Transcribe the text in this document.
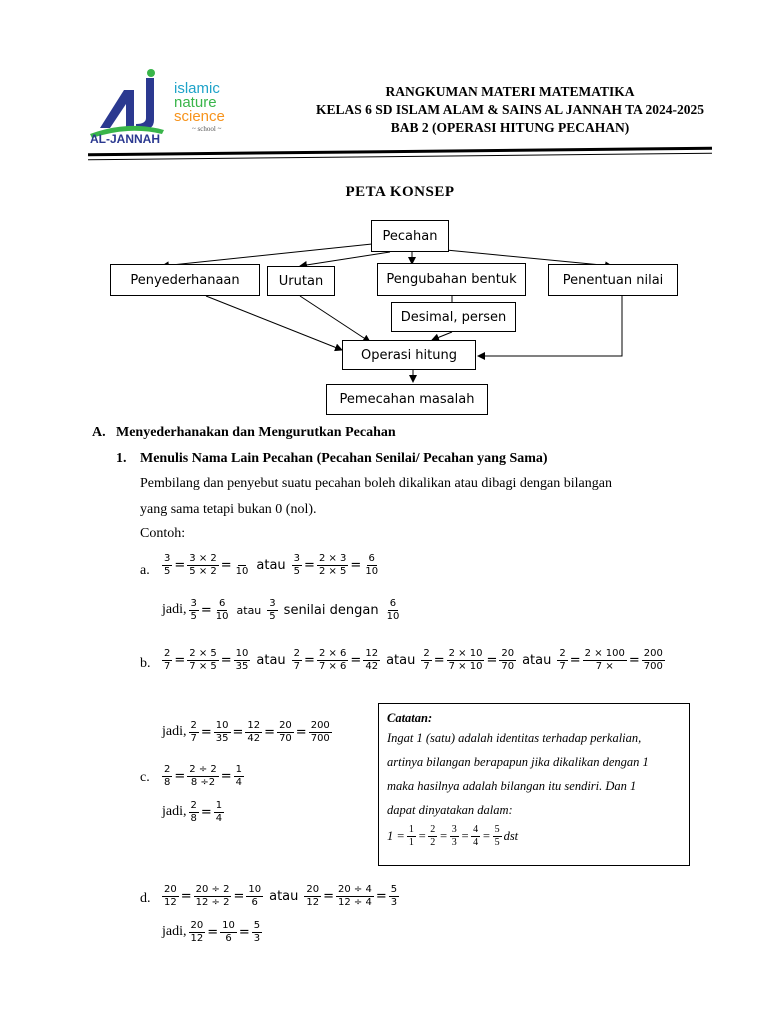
AL-JANNAH
islamic
nature
science
~ school ~
RANGKUMAN MATERI MATEMATIKA
KELAS 6 SD ISLAM ALAM & SAINS AL JANNAH TA 2024-2025
BAB 2 (OPERASI HITUNG PECAHAN)
PETA KONSEP
Pecahan
Penyederhanaan	Urutan	Pengubahan bentuk	Penentuan nilai
Desimal, persen
Operasi hitung
Pemecahan masalah
A. Menyederhanakan dan Mengurutkan Pecahan
1. Menulis Nama Lain Pecahan (Pecahan Senilai/ Pecahan yang Sama)
Pembilang dan penyebut suatu pecahan boleh dikalikan atau dibagi dengan bilangan
yang sama tetapi bukan 0 (nol).
Contoh:
a. $\frac{3}{5} = \frac{3 \times 2}{5 \times 2}$ =
10 atau $\frac{3}{5} = \frac{2 \times 3}{2 \times 5} = \frac{6}{10}$
jadi, $\frac{3}{5} = \frac{6}{10}$ atau $\frac{3}{5}$ senilai dengan $\frac{6}{10}$
b. $\frac{2}{7} = \frac{2 \times 5}{7 \times 5} = \frac{10}{35}$ atau $\frac{2}{7} = \frac{2 \times 6}{7 \times 6} = \frac{12}{42}$ atau $\frac{2}{7} = \frac{2 \times 10}{7 \times 10} = \frac{20}{70}$ atau $\frac{2}{7} = \frac{2 \times 100}{7 \times} = \frac{200}{700}$
jadi, $\frac{2}{7} = \frac{10}{35} = \frac{12}{42} = \frac{20}{70} = \frac{200}{700}$
c. $\frac{2}{8} = \frac{2 \div 2}{8 \div 2} = \frac{1}{4}$
jadi, $\frac{2}{8} = \frac{1}{4}$
Catatan:
Ingat 1 (satu) adalah identitas terhadap perkalian,
artinya bilangan berapapun jika dikalikan dengan 1
maka hasilnya adalah bilangan itu sendiri. Dan 1
dapat dinyatakan dalam:
$1 = \frac{1}{1} = \frac{2}{2} = \frac{3}{3} = \frac{4}{4} = \frac{5}{5}$ dst
d. $\frac{20}{12} = \frac{20 \div 2}{12 \div 2} = \frac{10}{6}$ atau $\frac{20}{12} = \frac{20 \div 4}{12 \div 4} = \frac{5}{3}$
jadi, $\frac{20}{12} = \frac{10}{6} = \frac{5}{3}$
